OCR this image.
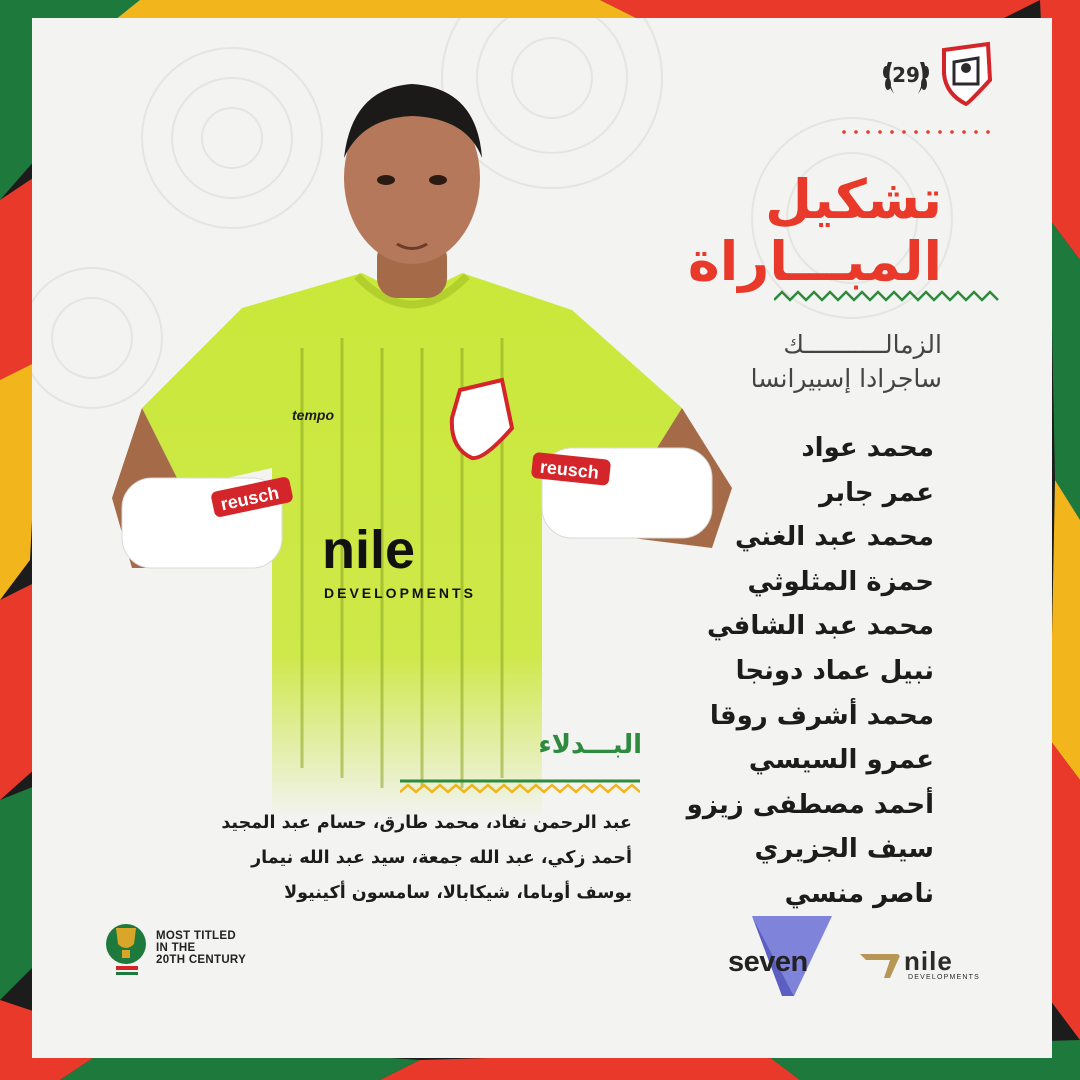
reusch
reusch
tempo
nile
DEVELOPMENTS
29
تشكيل
المبـــاراة
الزمالـــــــــــك
ساجرادا إسبيرانسا
محمد عواد
عمر جابر
محمد عبد الغني
حمزة المثلوثي
محمد عبد الشافي
نبيل عماد دونجا
محمد أشرف روقا
عمرو السيسي
أحمد مصطفى زيزو
سيف الجزيري
ناصر منسي
البـــدلاء
عبد الرحمن نفاد، محمد طارق، حسام عبد المجيد
أحمد زكي، عبد الله جمعة، سيد عبد الله نيمار
يوسف أوباما، شيكابالا، سامسون أكينيولا
MOST TITLED
IN THE
20TH CENTURY	seven	nile
DEVELOPMENTS
